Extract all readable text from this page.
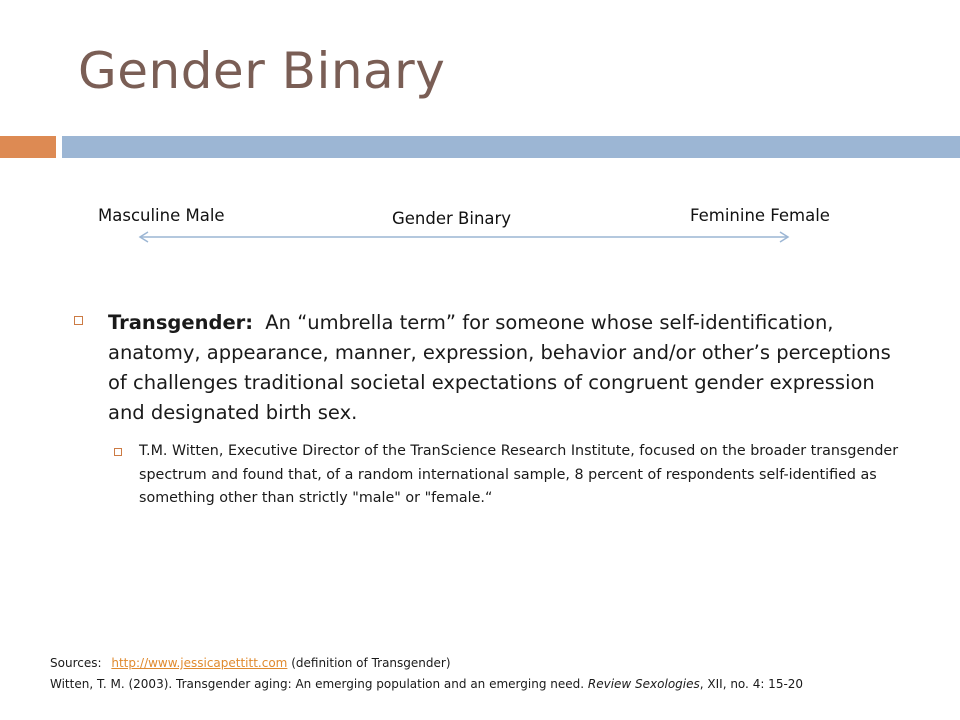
Gender Binary
Masculine Male	Gender Binary	Feminine Female
Transgender: An “umbrella term” for someone whose self-identification, anatomy, appearance, manner, expression, behavior and/or other’s perceptions of challenges traditional societal expectations of congruent gender expression and designated birth sex.
T.M. Witten, Executive Director of the TranScience Research Institute, focused on the broader transgender spectrum and found that, of a random international sample, 8 percent of respondents self-identified as something other than strictly "male" or "female.“
Sources: http://www.jessicapettitt.com (definition of Transgender)
Witten, T. M. (2003). Transgender aging: An emerging population and an emerging need. Review Sexologies, XII, no. 4: 15-20
